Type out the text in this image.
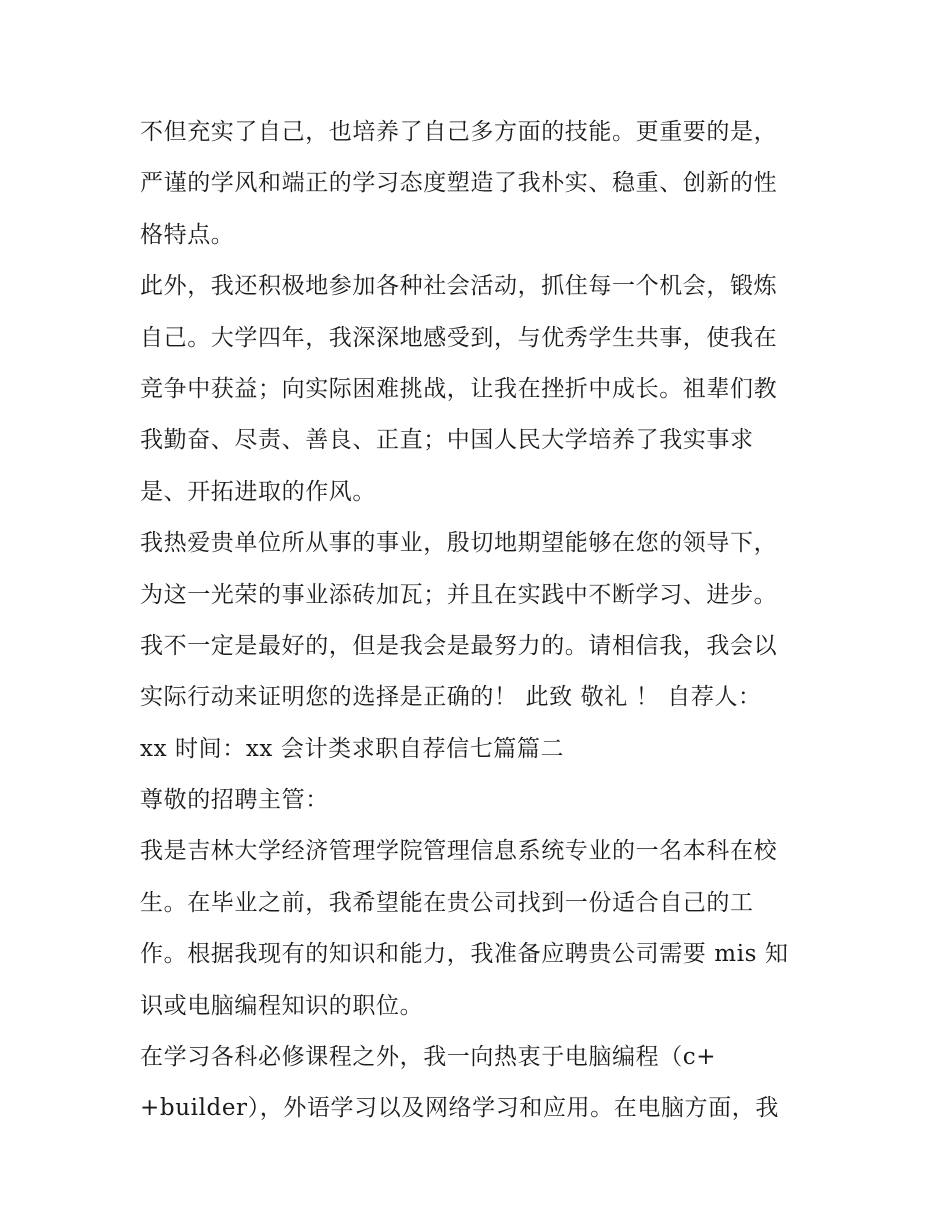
不但充实了自己，也培养了自己多方面的技能。更重要的是，
严谨的学风和端正的学习态度塑造了我朴实、稳重、创新的性
格特点。
此外，我还积极地参加各种社会活动，抓住每一个机会，锻炼
自己。大学四年，我深深地感受到，与优秀学生共事，使我在
竞争中获益；向实际困难挑战，让我在挫折中成长。祖辈们教
我勤奋、尽责、善良、正直；中国人民大学培养了我实事求
是、开拓进取的作风。
我热爱贵单位所从事的事业，殷切地期望能够在您的领导下，
为这一光荣的事业添砖加瓦；并且在实践中不断学习、进步。
我不一定是最好的，但是我会是最努力的。请相信我，我会以
实际行动来证明您的选择是正确的！ 此致 敬礼 ！ 自荐人：
xx 时间：xx 会计类求职自荐信七篇篇二
尊敬的招聘主管：
我是吉林大学经济管理学院管理信息系统专业的一名本科在校
生。在毕业之前，我希望能在贵公司找到一份适合自己的工
作。根据我现有的知识和能力，我准备应聘贵公司需要 mis 知
识或电脑编程知识的职位。
在学习各科必修课程之外，我一向热衷于电脑编程（c+
+builder），外语学习以及网络学习和应用。在电脑方面，我
